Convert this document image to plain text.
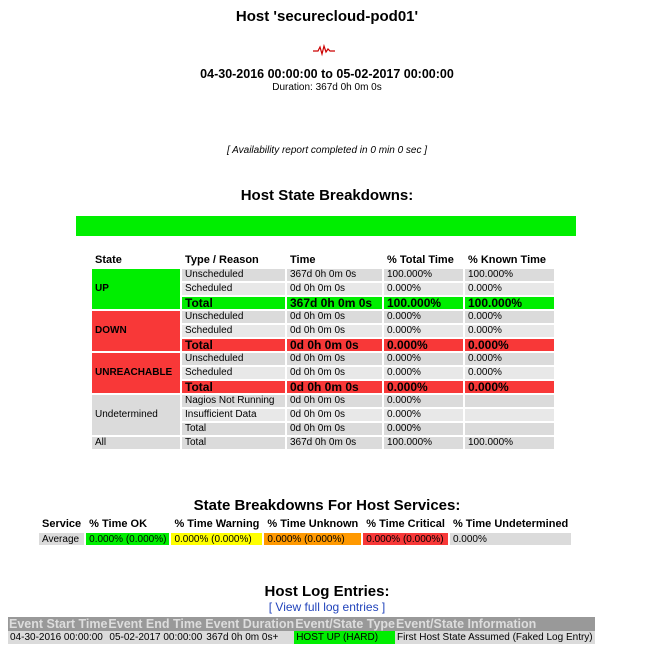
Host 'securecloud-pod01'
04-30-2016 00:00:00 to 05-02-2017 00:00:00
Duration: 367d 0h 0m 0s
[ Availability report completed in 0 min 0 sec ]
Host State Breakdowns:
State	Type / Reason	Time	% Total Time	% Known Time
UP	Unscheduled	367d 0h 0m 0s	100.000%	100.000%
	Scheduled	0d 0h 0m 0s	0.000%	0.000%
	Total	367d 0h 0m 0s	100.000%	100.000%
DOWN	Unscheduled	0d 0h 0m 0s	0.000%	0.000%
	Scheduled	0d 0h 0m 0s	0.000%	0.000%
	Total	0d 0h 0m 0s	0.000%	0.000%
UNREACHABLE	Unscheduled	0d 0h 0m 0s	0.000%	0.000%
	Scheduled	0d 0h 0m 0s	0.000%	0.000%
	Total	0d 0h 0m 0s	0.000%	0.000%
Undetermined	Nagios Not Running	0d 0h 0m 0s	0.000%	
	Insufficient Data	0d 0h 0m 0s	0.000%	
	Total	0d 0h 0m 0s	0.000%	
All	Total	367d 0h 0m 0s	100.000%	100.000%
State Breakdowns For Host Services:
Service	% Time OK	% Time Warning	% Time Unknown	% Time Critical	% Time Undetermined
Average	0.000% (0.000%)	0.000% (0.000%)	0.000% (0.000%)	0.000% (0.000%)	0.000%
Host Log Entries:
[ View full log entries ]
Event Start Time	Event End Time	Event Duration	Event/State Type	Event/State Information
04-30-2016 00:00:00	05-02-2017 00:00:00	367d 0h 0m 0s+	HOST UP (HARD)	First Host State Assumed (Faked Log Entry)
